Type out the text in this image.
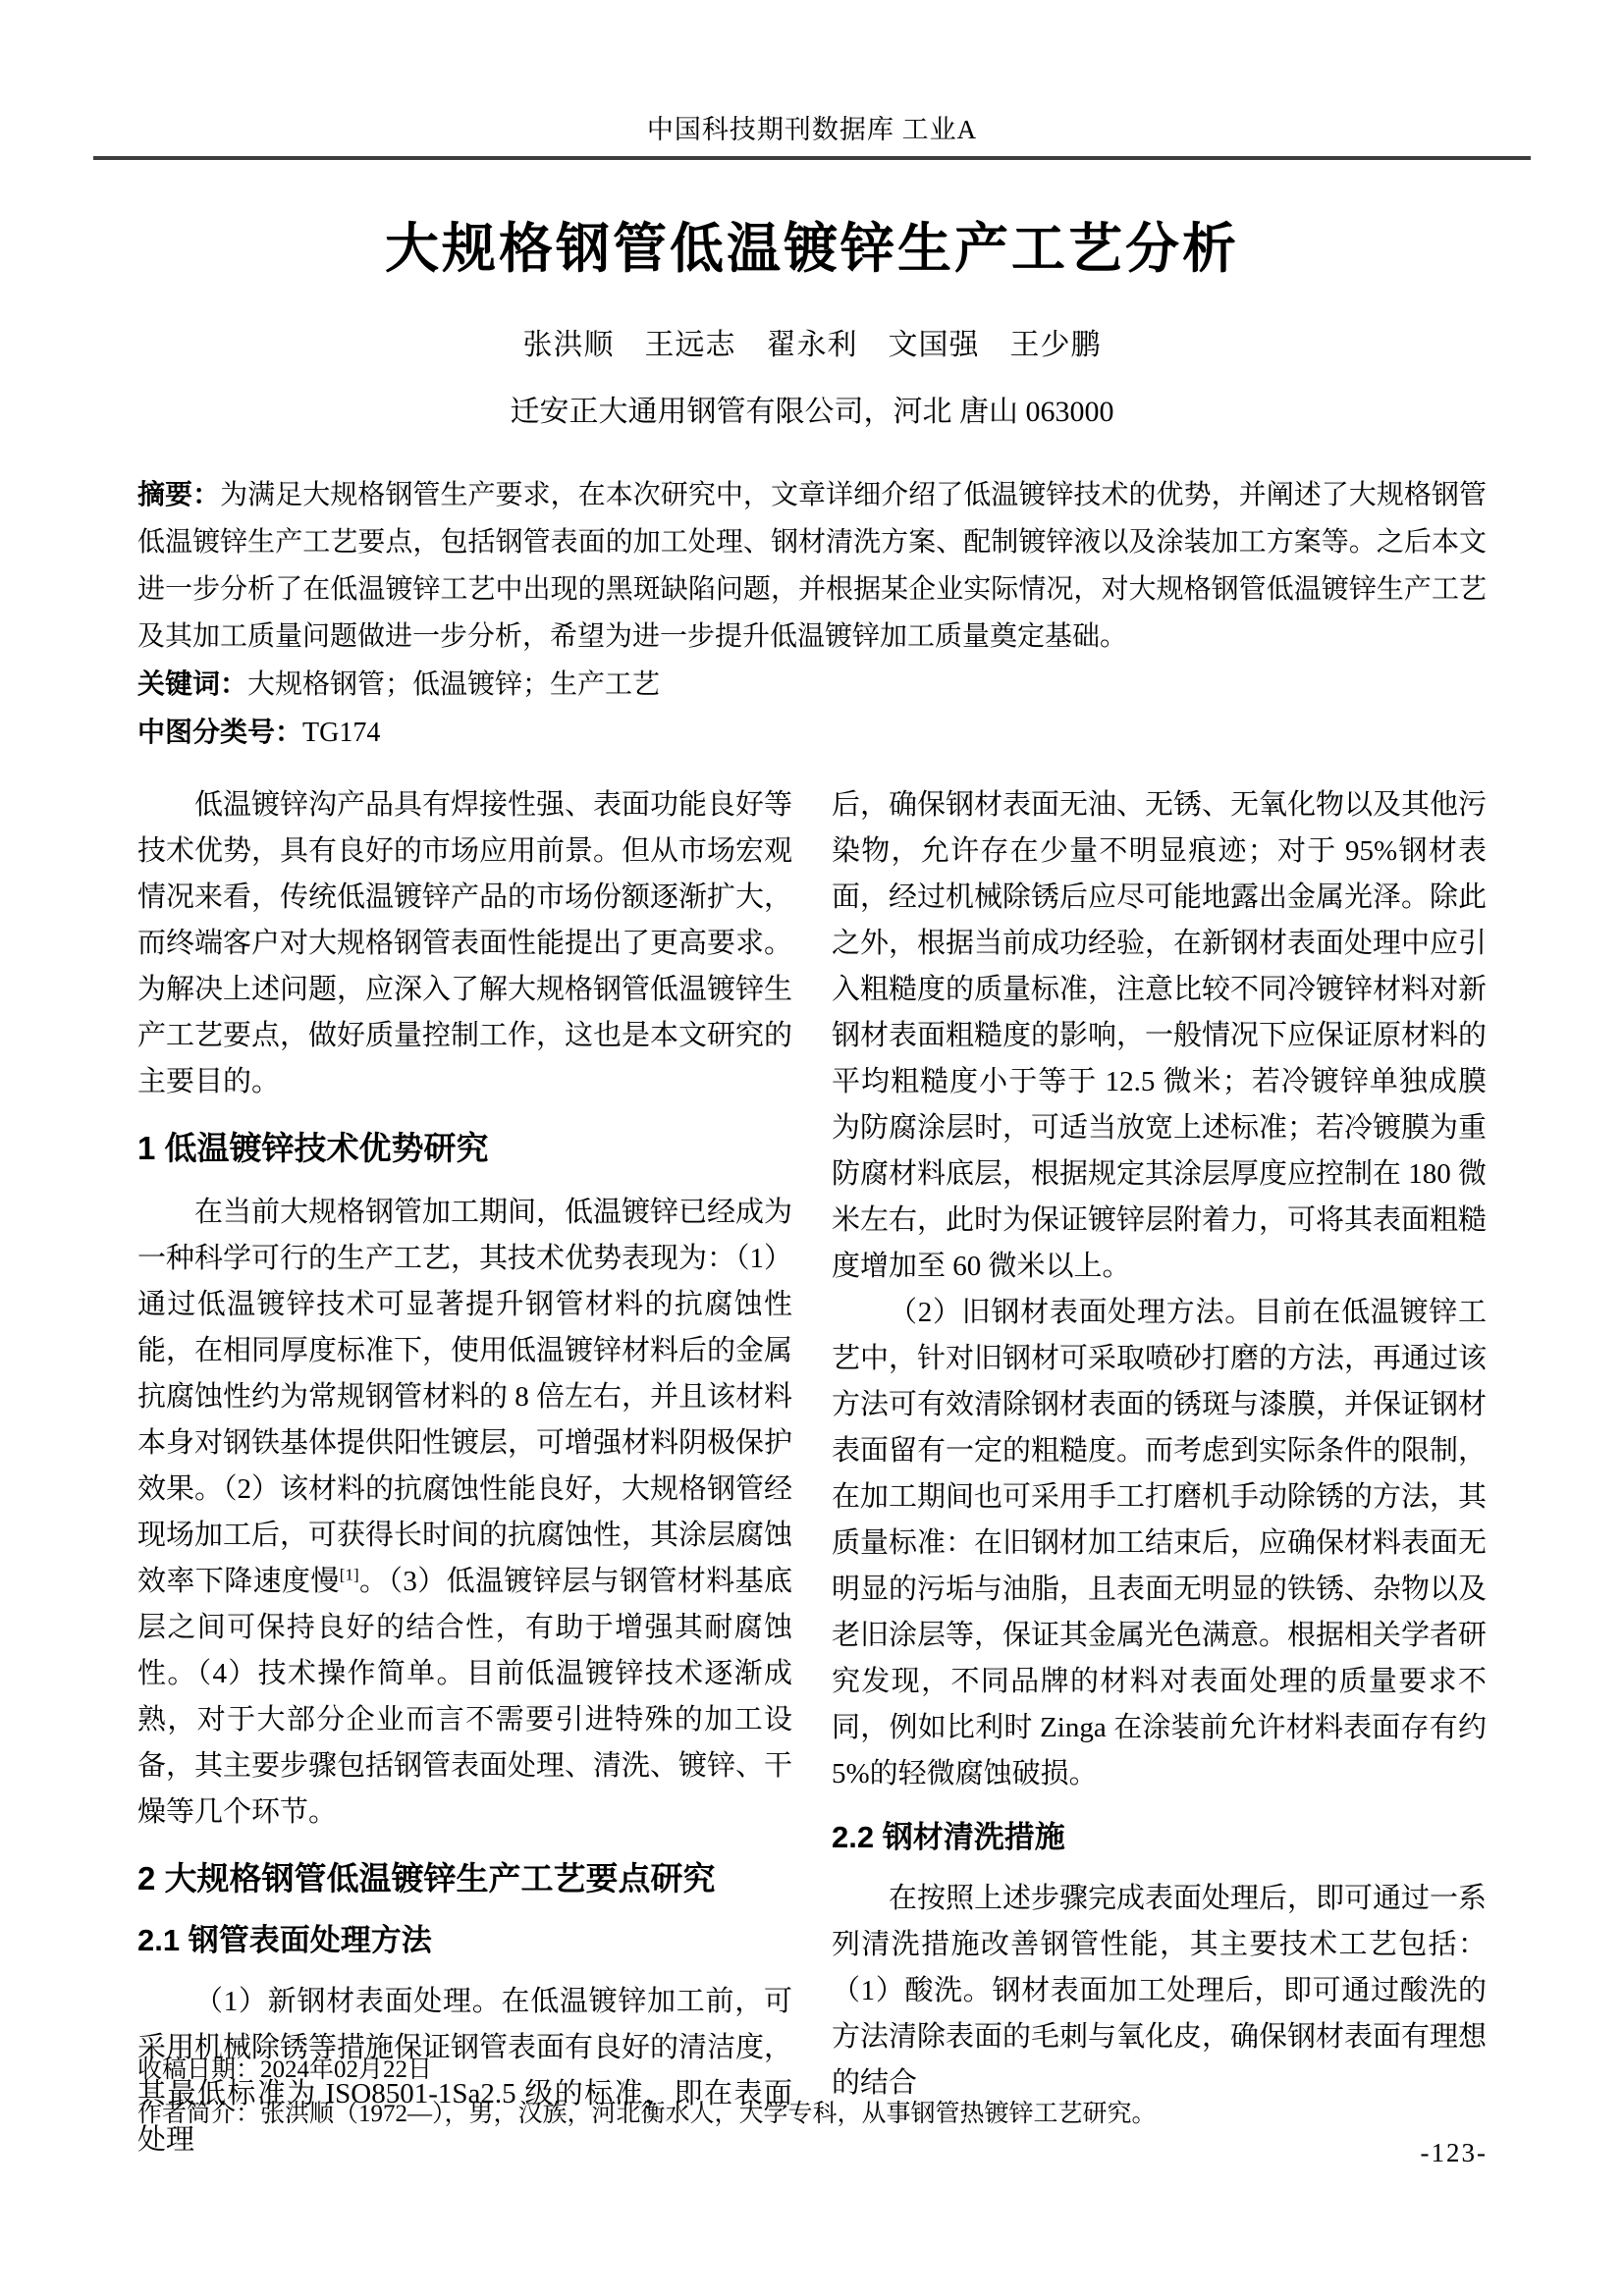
中国科技期刊数据库 工业A
大规格钢管低温镀锌生产工艺分析
张洪顺　王远志　翟永利　文国强　王少鹏
迁安正大通用钢管有限公司，河北 唐山 063000
摘要：为满足大规格钢管生产要求，在本次研究中，文章详细介绍了低温镀锌技术的优势，并阐述了大规格钢管低温镀锌生产工艺要点，包括钢管表面的加工处理、钢材清洗方案、配制镀锌液以及涂装加工方案等。之后本文进一步分析了在低温镀锌工艺中出现的黑斑缺陷问题，并根据某企业实际情况，对大规格钢管低温镀锌生产工艺及其加工质量问题做进一步分析，希望为进一步提升低温镀锌加工质量奠定基础。
关键词：大规格钢管；低温镀锌；生产工艺
中图分类号：TG174

低温镀锌沟产品具有焊接性强、表面功能良好等技术优势，具有良好的市场应用前景。但从市场宏观情况来看，传统低温镀锌产品的市场份额逐渐扩大，而终端客户对大规格钢管表面性能提出了更高要求。为解决上述问题，应深入了解大规格钢管低温镀锌生产工艺要点，做好质量控制工作，这也是本文研究的主要目的。

1 低温镀锌技术优势研究

在当前大规格钢管加工期间，低温镀锌已经成为一种科学可行的生产工艺，其技术优势表现为：（1）通过低温镀锌技术可显著提升钢管材料的抗腐蚀性能，在相同厚度标准下，使用低温镀锌材料后的金属抗腐蚀性约为常规钢管材料的 8 倍左右，并且该材料本身对钢铁基体提供阳性镀层，可增强材料阴极保护效果。（2）该材料的抗腐蚀性能良好，大规格钢管经现场加工后，可获得长时间的抗腐蚀性，其涂层腐蚀效率下降速度慢[1]。（3）低温镀锌层与钢管材料基底层之间可保持良好的结合性，有助于增强其耐腐蚀性。（4）技术操作简单。目前低温镀锌技术逐渐成熟，对于大部分企业而言不需要引进特殊的加工设备，其主要步骤包括钢管表面处理、清洗、镀锌、干燥等几个环节。

2 大规格钢管低温镀锌生产工艺要点研究
2.1 钢管表面处理方法

（1）新钢材表面处理。在低温镀锌加工前，可采用机械除锈等措施保证钢管表面有良好的清洁度，其最低标准为 ISO8501-1Sa2.5 级的标准，即在表面处理

后，确保钢材表面无油、无锈、无氧化物以及其他污染物，允许存在少量不明显痕迹；对于 95%钢材表面，经过机械除锈后应尽可能地露出金属光泽。除此之外，根据当前成功经验，在新钢材表面处理中应引入粗糙度的质量标准，注意比较不同冷镀锌材料对新钢材表面粗糙度的影响，一般情况下应保证原材料的平均粗糙度小于等于 12.5 微米；若冷镀锌单独成膜为防腐涂层时，可适当放宽上述标准；若冷镀膜为重防腐材料底层，根据规定其涂层厚度应控制在 180 微米左右，此时为保证镀锌层附着力，可将其表面粗糙度增加至 60 微米以上。

（2）旧钢材表面处理方法。目前在低温镀锌工艺中，针对旧钢材可采取喷砂打磨的方法，再通过该方法可有效清除钢材表面的锈斑与漆膜，并保证钢材表面留有一定的粗糙度。而考虑到实际条件的限制，在加工期间也可采用手工打磨机手动除锈的方法，其质量标准：在旧钢材加工结束后，应确保材料表面无明显的污垢与油脂，且表面无明显的铁锈、杂物以及老旧涂层等，保证其金属光色满意。根据相关学者研究发现，不同品牌的材料对表面处理的质量要求不同，例如比利时 Zinga 在涂装前允许材料表面存有约 5%的轻微腐蚀破损。

2.2 钢材清洗措施

在按照上述步骤完成表面处理后，即可通过一系列清洗措施改善钢管性能，其主要技术工艺包括：（1）酸洗。钢材表面加工处理后，即可通过酸洗的方法清除表面的毛刺与氧化皮，确保钢材表面有理想的结合

收稿日期：2024年02月22日
作者简介：张洪顺（1972—），男，汉族，河北衡水人，大学专科，从事钢管热镀锌工艺研究。
-123-
